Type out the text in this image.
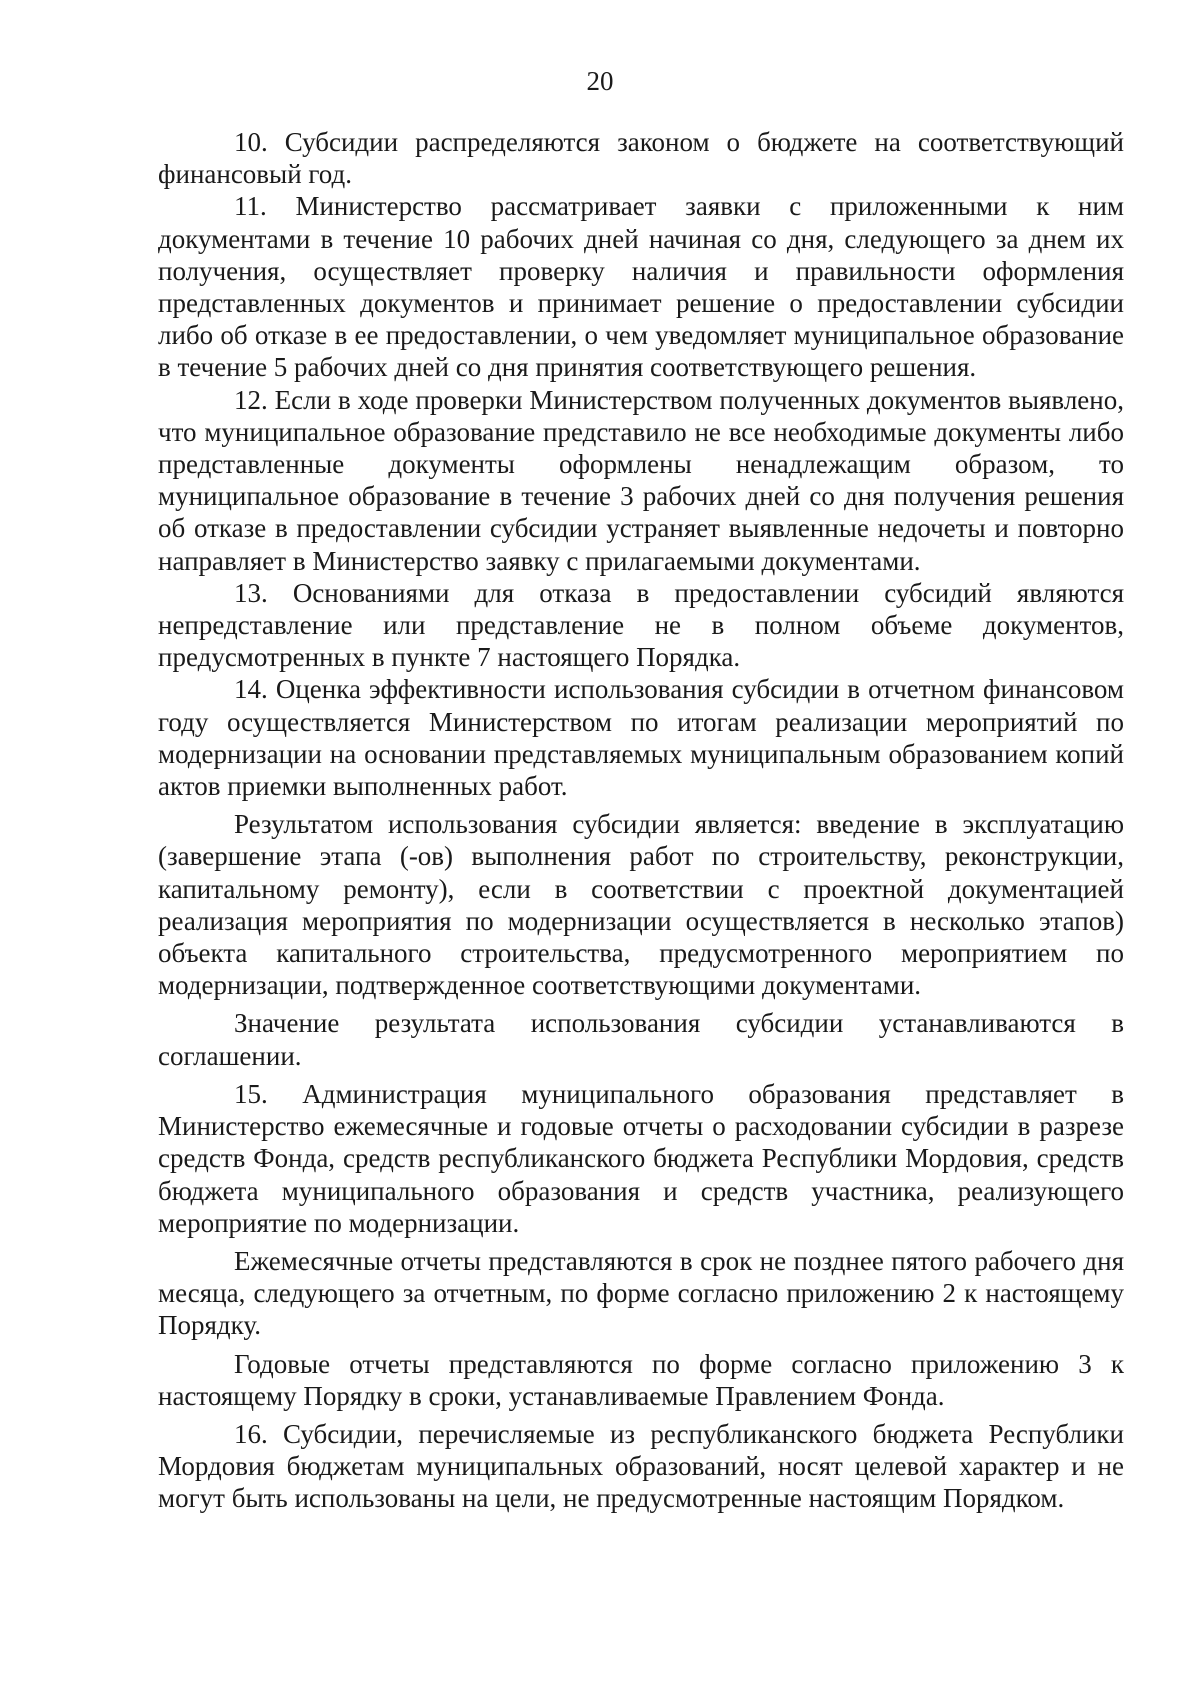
20

10. Субсидии распределяются законом о бюджете на соответствующий финансовый год.

11. Министерство рассматривает заявки с приложенными к ним документами в течение 10 рабочих дней начиная со дня, следующего за днем их получения, осуществляет проверку наличия и правильности оформления представленных документов и принимает решение о предоставлении субсидии либо об отказе в ее предоставлении, о чем уведомляет муниципальное образование в течение 5 рабочих дней со дня принятия соответствующего решения.

12. Если в ходе проверки Министерством полученных документов выявлено, что муниципальное образование представило не все необходимые документы либо представленные документы оформлены ненадлежащим образом, то муниципальное образование в течение 3 рабочих дней со дня получения решения об отказе в предоставлении субсидии устраняет выявленные недочеты и повторно направляет в Министерство заявку с прилагаемыми документами.

13. Основаниями для отказа в предоставлении субсидий являются непредставление или представление не в полном объеме документов, предусмотренных в пункте 7 настоящего Порядка.

14. Оценка эффективности использования субсидии в отчетном финансовом году осуществляется Министерством по итогам реализации мероприятий по модернизации на основании представляемых муниципальным образованием копий актов приемки выполненных работ.

Результатом использования субсидии является: введение в эксплуатацию (завершение этапа (-ов) выполнения работ по строительству, реконструкции, капитальному ремонту), если в соответствии с проектной документацией реализация мероприятия по модернизации осуществляется в несколько этапов) объекта капитального строительства, предусмотренного мероприятием по модернизации, подтвержденное соответствующими документами.

Значение результата использования субсидии устанавливаются в соглашении.

15. Администрация муниципального образования представляет в Министерство ежемесячные и годовые отчеты о расходовании субсидии в разрезе средств Фонда, средств республиканского бюджета Республики Мордовия, средств бюджета муниципального образования и средств участника, реализующего мероприятие по модернизации.

Ежемесячные отчеты представляются в срок не позднее пятого рабочего дня месяца, следующего за отчетным, по форме согласно приложению 2 к настоящему Порядку.

Годовые отчеты представляются по форме согласно приложению 3 к настоящему Порядку в сроки, устанавливаемые Правлением Фонда.

16. Субсидии, перечисляемые из республиканского бюджета Республики Мордовия бюджетам муниципальных образований, носят целевой характер и не могут быть использованы на цели, не предусмотренные настоящим Порядком.
